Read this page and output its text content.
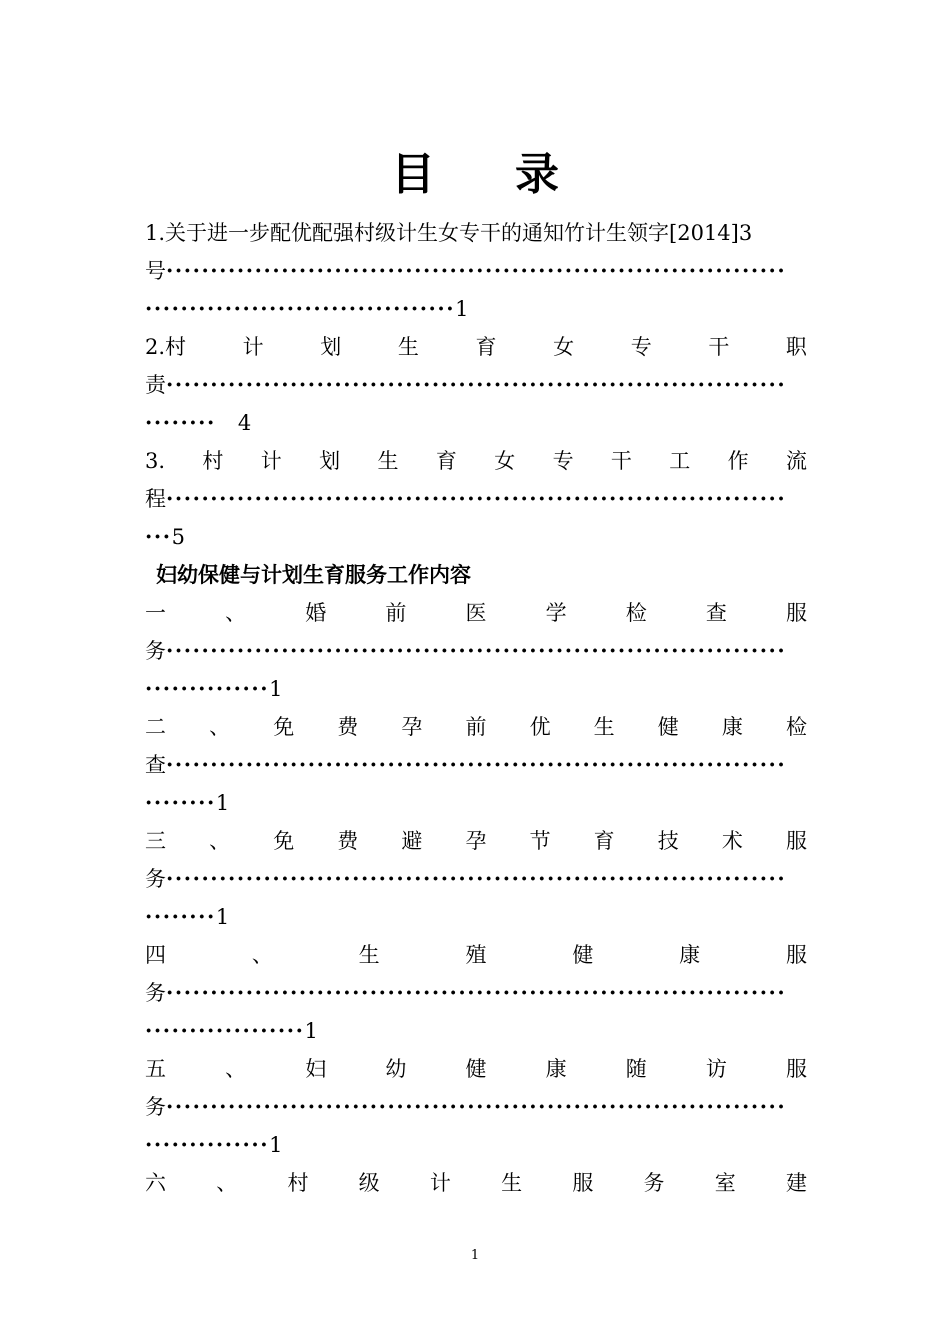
目 录
1.关于进一步配优配强村级计生女专干的通知竹计生领字[2014]3
号······································································
···································1
2.村	计	划	生	育	女	专	干	职
责······································································
········ 4
3. 村 计 划 生 育 女 专 干 工 作 流
程······································································
···5
妇幼保健与计划生育服务工作内容
一	、	婚	前	医	学	检	查	服
务······································································
··············1
二 、 免 费 孕 前 优 生 健 康 检
查······································································
········1
三 、 免 费 避 孕 节 育 技 术 服
务······································································
········1
四	、	生	殖	健	康	服
务······································································
··················1
五	、	妇	幼	健	康	随	访	服
务······································································
··············1
六 、 村 级 计 生 服 务 室 建
1
